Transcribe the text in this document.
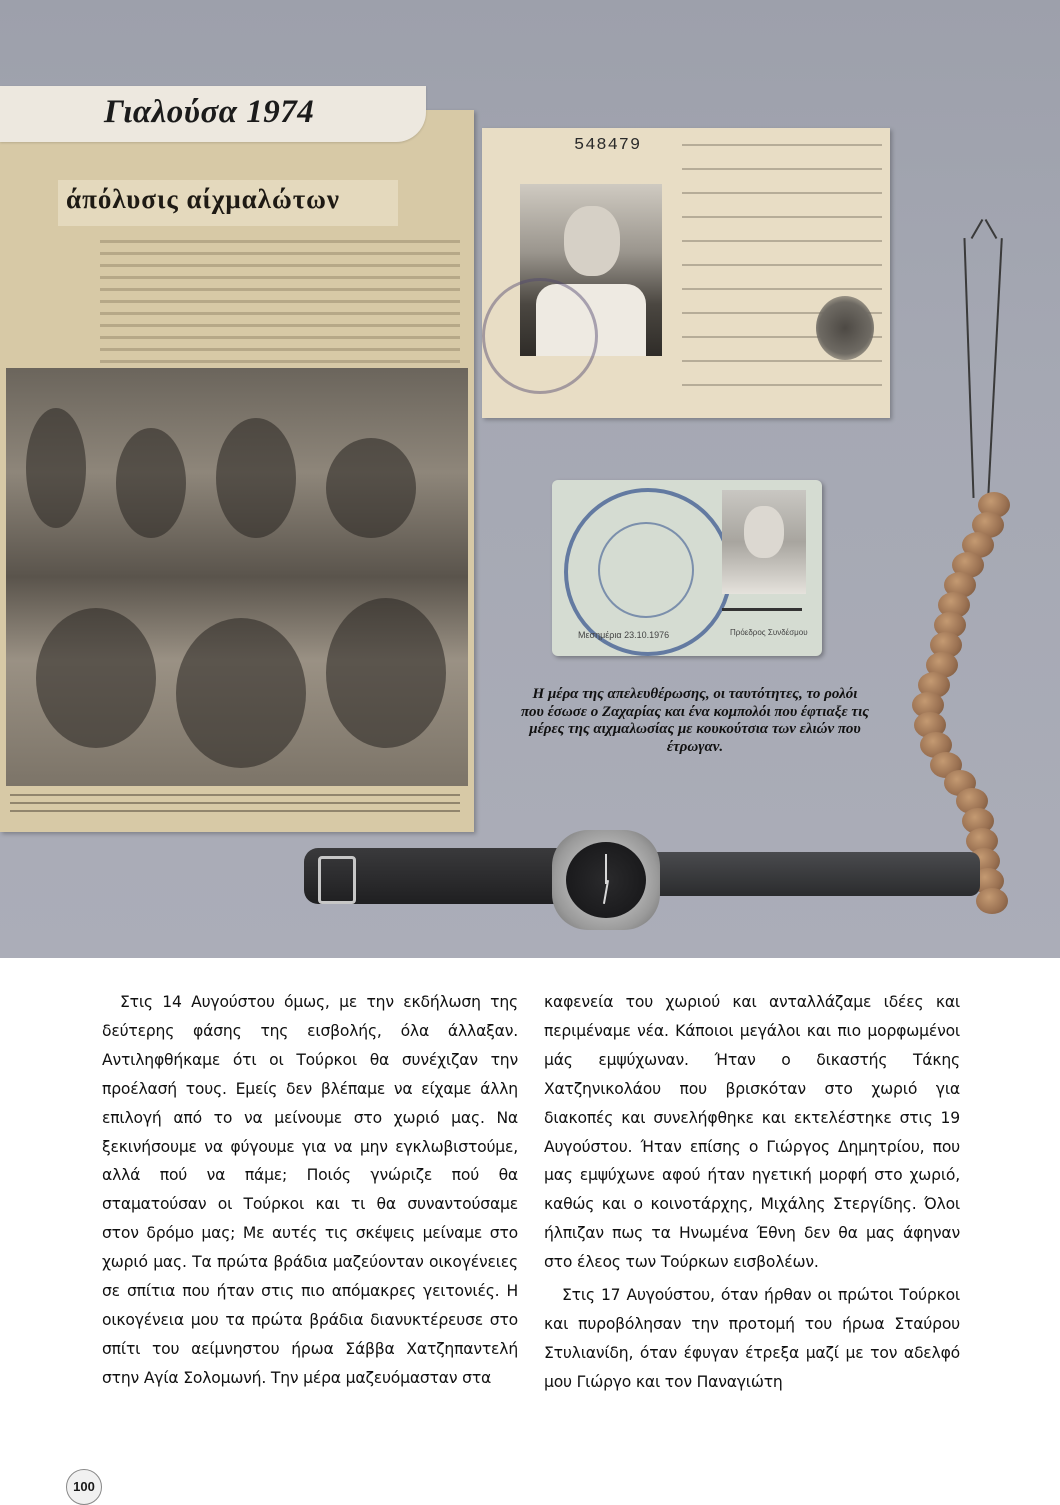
άπόλυσις αίχμαλώτων
548479
Πρόεδρος Συνδέσμου
Μεσημέρια 23.10.1976
Η μέρα της απελευθέρωσης, οι ταυτότητες, το ρολόι που έσωσε ο Ζαχαρίας και ένα κομπολόι που έφτιαξε τις μέρες της αιχμαλωσίας με κουκούτσια των ελιών που έτρωγαν.
Γιαλούσα 1974

Στις 14 Αυγούστου όμως, με την εκδήλωση της δεύτερης φάσης της εισβολής, όλα άλλαξαν. Αντιληφθήκαμε ότι οι Τούρκοι θα συνέχιζαν την προέλασή τους. Εμείς δεν βλέπαμε να είχαμε άλλη επιλογή από το να μείνουμε στο χωριό μας. Να ξεκινήσουμε να φύγουμε για να μην εγκλωβιστούμε, αλλά πού να πάμε; Ποιός γνώριζε πού θα σταματούσαν οι Τούρκοι και τι θα συναντούσαμε στον δρόμο μας; Με αυτές τις σκέψεις μείναμε στο χωριό μας. Τα πρώτα βράδια μαζεύονταν οικογένειες σε σπίτια που ήταν στις πιο απόμακρες γειτονιές. Η οικογένεια μου τα πρώτα βράδια διανυκτέρευσε στο σπίτι του αείμνηστου ήρωα Σάββα Χατζηπαντελή στην Αγία Σολομωνή. Την μέρα μαζευόμασταν στα

καφενεία του χωριού και ανταλλάζαμε ιδέες και περιμέναμε νέα. Κάποιοι μεγάλοι και πιο μορφωμένοι μάς εμψύχωναν. Ήταν ο δικαστής Τάκης Χατζηνικολάου που βρισκόταν στο χωριό για διακοπές και συνελήφθηκε και εκτελέστηκε στις 19 Αυγούστου. Ήταν επίσης ο Γιώργος Δημητρίου, που μας εμψύχωνε αφού ήταν ηγετική μορφή στο χωριό, καθώς και ο κοινοτάρχης, Μιχάλης Στεργίδης. Όλοι ήλπιζαν πως τα Ηνωμένα Έθνη δεν θα μας άφηναν στο έλεος των Τούρκων εισβολέων.

Στις 17 Αυγούστου, όταν ήρθαν οι πρώτοι Τούρκοι και πυροβόλησαν την προτομή του ήρωα Σταύρου Στυλιανίδη, όταν έφυγαν έτρεξα μαζί με τον αδελφό μου Γιώργο και τον Παναγιώτη

100
